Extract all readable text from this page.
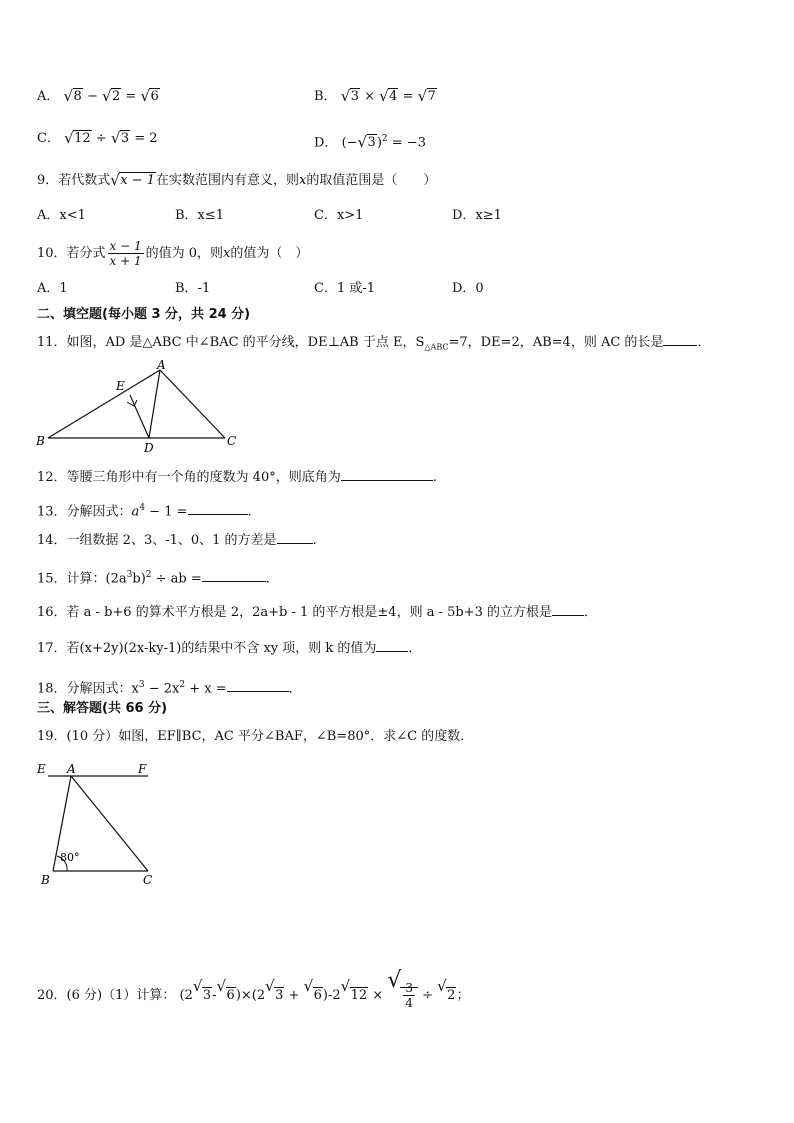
A． √ 8 − √ 2 = √ 6	B． √ 3 × √ 4 = √ 7
C． √ 12 ÷ √ 3 = 2	D． (− √ 3)$^2$ = −3
9．若代数式 √ x − 1在实数范围内有意义，则x的取值范围是（　　）
A．x<1	B．x≤1	C．x>1	D．x≥1
10．若分式 $\frac{x - 1}{x + 1}$ 的值为 0，则x的值为（　）
A．1	B．-1	C．1 或-1	D．0
二、填空题(每小题 3 分，共 24 分)
11．如图，AD 是△ABC 中∠BAC 的平分线，DE⊥AB 于点 E，$S_{\triangle ABC}=7$，DE=2，AB=4，则 AC 的长是	．
A
B	C
D
E
12．等腰三角形中有一个角的度数为 40°，则底角为	.
13．分解因式：$a^4 - 1$ =	.
14．一组数据 2、3、-1、0、1 的方差是	.
15．计算：$(2a^3b)^2$ ÷ ab =	.
16．若 a - b+6 的算术平方根是 2，2a+b - 1 的平方根是±4，则 a - 5b+3 的立方根是 ．
17．若(x+2y)(2x-ky-1)的结果中不含 xy 项，则 k 的值为 ．
18．分解因式：$x^3 - 2x^2 + x$ =	．
三、解答题(共 66 分)
19．(10 分）如图，EF∥BC，AC 平分∠BAF，∠B=80°．求∠C 的度数．
E A	F
B	C
80°
20．(6 分)（1）计算： (2
√
3-
√
6)×(2
√
3 +
√
6)-2
√
12 ×
√
$\frac{3}{4}$ ÷
√
2；
